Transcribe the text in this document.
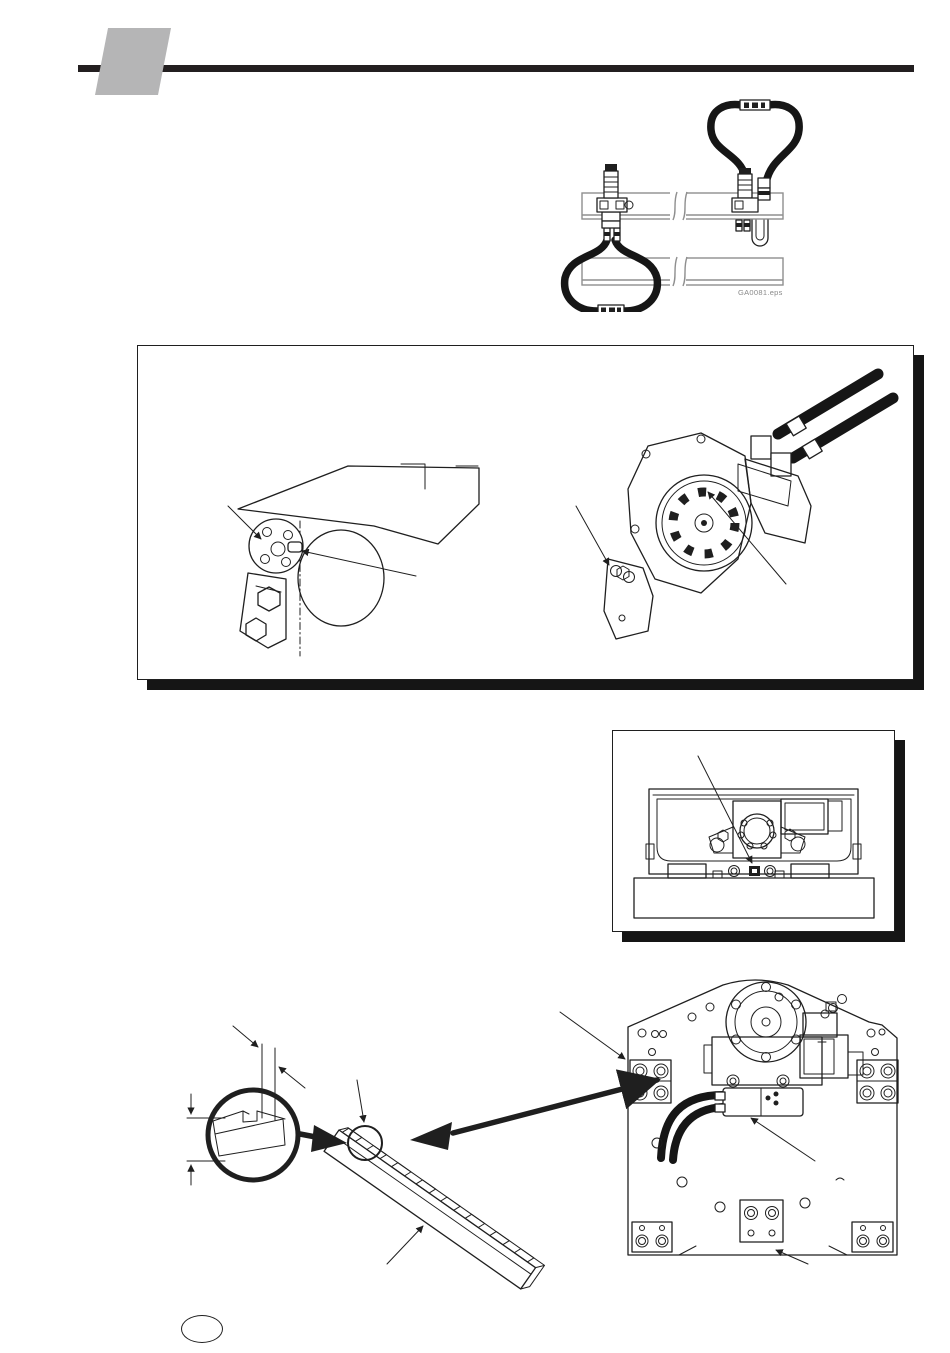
GA0081.eps
